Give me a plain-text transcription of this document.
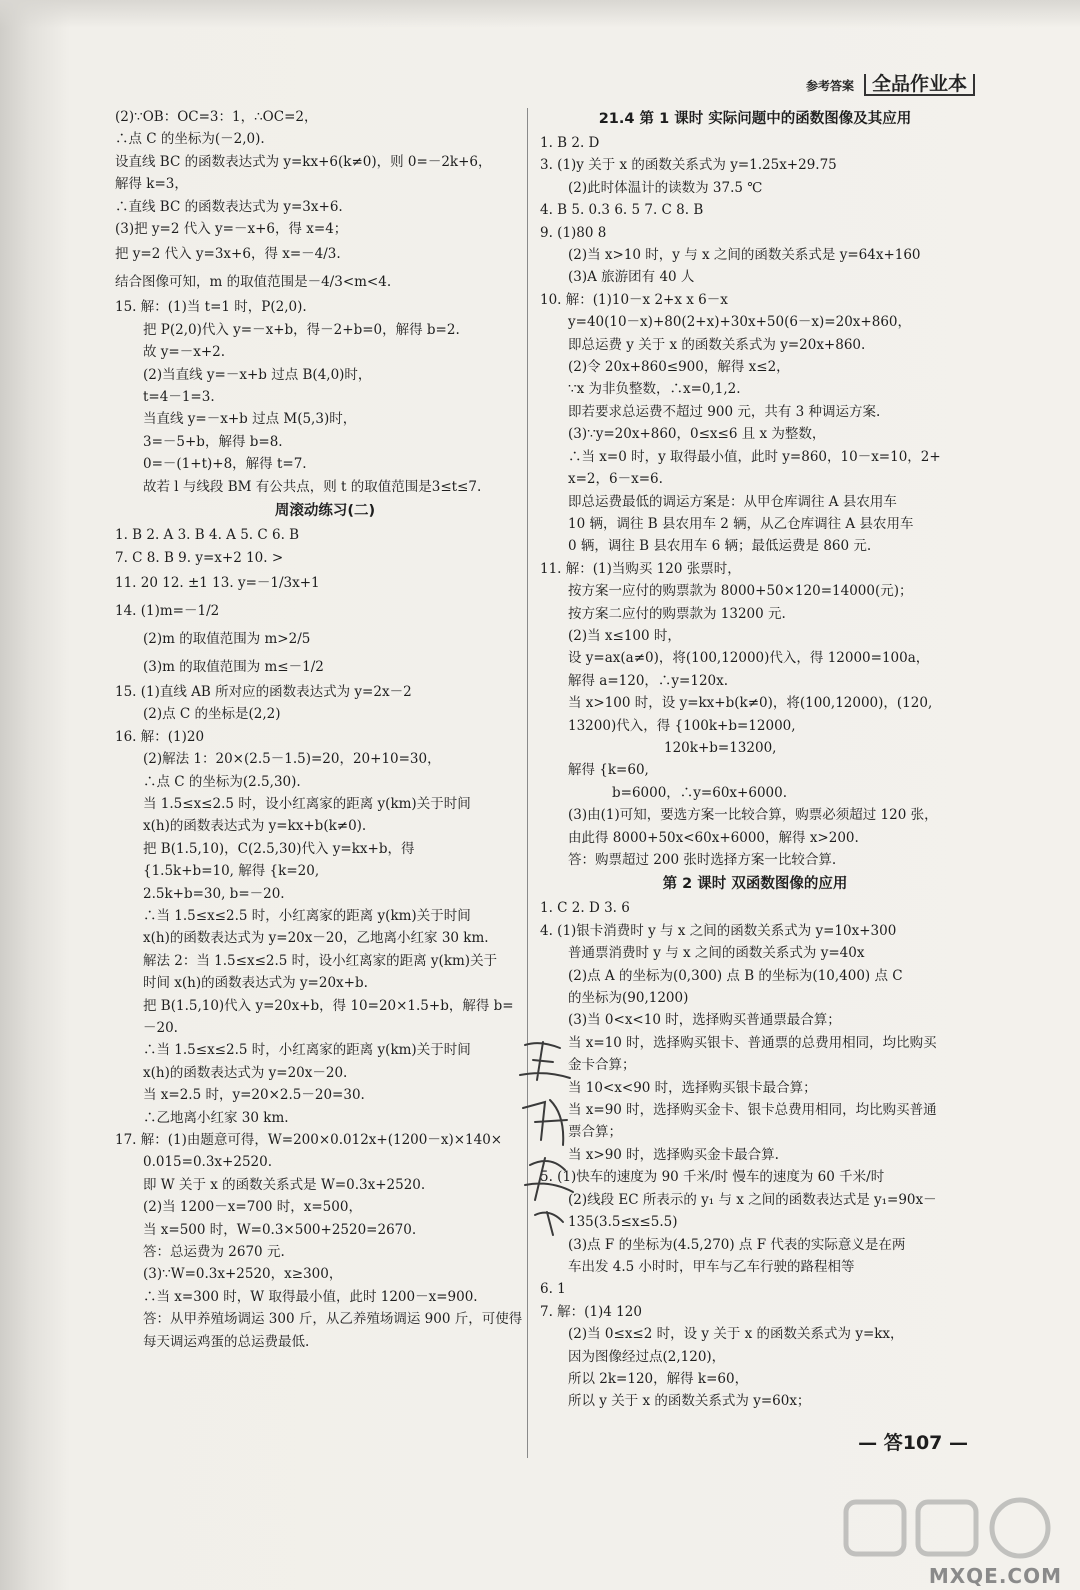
参考答案 全品作业本
(2)∵OB：OC=3：1，∴OC=2，
∴点 C 的坐标为(－2,0).
设直线 BC 的函数表达式为 y=kx+6(k≠0)，则 0=－2k+6，
解得 k=3，
∴直线 BC 的函数表达式为 y=3x+6.
(3)把 y=2 代入 y=－x+6，得 x=4；
把 y=2 代入 y=3x+6，得 x=－4/3.
结合图像可知，m 的取值范围是－4/3<m<4.
15. 解：(1)当 t=1 时，P(2,0).
把 P(2,0)代入 y=－x+b，得－2+b=0，解得 b=2.
故 y=－x+2.
(2)当直线 y=－x+b 过点 B(4,0)时，
t=4－1=3.
当直线 y=－x+b 过点 M(5,3)时，
3=－5+b，解得 b=8.
0=－(1+t)+8，解得 t=7.
故若 l 与线段 BM 有公共点，则 t 的取值范围是3≤t≤7.
周滚动练习(二)
1. B 2. A 3. B 4. A 5. C 6. B
7. C 8. B 9. y=x+2 10. >
11. 20 12. ±1 13. y=－1/3x+1
14. (1)m=－1/2
(2)m 的取值范围为 m>2/5
(3)m 的取值范围为 m≤－1/2
15. (1)直线 AB 所对应的函数表达式为 y=2x－2
(2)点 C 的坐标是(2,2)
16. 解：(1)20
(2)解法 1：20×(2.5－1.5)=20，20+10=30，
∴点 C 的坐标为(2.5,30).
当 1.5≤x≤2.5 时，设小红离家的距离 y(km)关于时间
x(h)的函数表达式为 y=kx+b(k≠0).
把 B(1.5,10)，C(2.5,30)代入 y=kx+b，得
{1.5k+b=10, 解得 {k=20,
2.5k+b=30, b=－20.
∴当 1.5≤x≤2.5 时，小红离家的距离 y(km)关于时间
x(h)的函数表达式为 y=20x－20，乙地离小红家 30 km.
解法 2：当 1.5≤x≤2.5 时，设小红离家的距离 y(km)关于
时间 x(h)的函数表达式为 y=20x+b.
把 B(1.5,10)代入 y=20x+b，得 10=20×1.5+b，解得 b=
－20.
∴当 1.5≤x≤2.5 时，小红离家的距离 y(km)关于时间
x(h)的函数表达式为 y=20x－20.
当 x=2.5 时，y=20×2.5－20=30.
∴乙地离小红家 30 km.
17. 解：(1)由题意可得，W=200×0.012x+(1200－x)×140×
0.015=0.3x+2520.
即 W 关于 x 的函数关系式是 W=0.3x+2520.
(2)当 1200－x=700 时，x=500，
当 x=500 时，W=0.3×500+2520=2670.
答：总运费为 2670 元.
(3)∵W=0.3x+2520，x≥300，
∴当 x=300 时，W 取得最小值，此时 1200－x=900.
答：从甲养殖场调运 300 斤，从乙养殖场调运 900 斤，可使得
每天调运鸡蛋的总运费最低.
21.4 第 1 课时 实际问题中的函数图像及其应用
1. B 2. D
3. (1)y 关于 x 的函数关系式为 y=1.25x+29.75
(2)此时体温计的读数为 37.5 ℃
4. B 5. 0.3 6. 5 7. C 8. B
9. (1)80 8
(2)当 x>10 时，y 与 x 之间的函数关系式是 y=64x+160
(3)A 旅游团有 40 人
10. 解：(1)10－x 2+x x 6－x
y=40(10－x)+80(2+x)+30x+50(6－x)=20x+860，
即总运费 y 关于 x 的函数关系式为 y=20x+860.
(2)令 20x+860≤900，解得 x≤2，
∵x 为非负整数，∴x=0,1,2.
即若要求总运费不超过 900 元，共有 3 种调运方案.
(3)∵y=20x+860，0≤x≤6 且 x 为整数，
∴当 x=0 时，y 取得最小值，此时 y=860，10－x=10，2+
x=2，6－x=6.
即总运费最低的调运方案是：从甲仓库调往 A 县农用车
10 辆，调往 B 县农用车 2 辆，从乙仓库调往 A 县农用车
0 辆，调往 B 县农用车 6 辆；最低运费是 860 元.
11. 解：(1)当购买 120 张票时，
按方案一应付的购票款为 8000+50×120=14000(元)；
按方案二应付的购票款为 13200 元.
(2)当 x≤100 时，
设 y=ax(a≠0)，将(100,12000)代入，得 12000=100a，
解得 a=120，∴y=120x.
当 x>100 时，设 y=kx+b(k≠0)，将(100,12000)，(120,
13200)代入，得 {100k+b=12000,
120k+b=13200,
解得 {k=60,
b=6000，∴y=60x+6000.
(3)由(1)可知，要选方案一比较合算，购票必须超过 120 张，
由此得 8000+50x<60x+6000，解得 x>200.
答：购票超过 200 张时选择方案一比较合算.
第 2 课时 双函数图像的应用
1. C 2. D 3. 6
4. (1)银卡消费时 y 与 x 之间的函数关系式为 y=10x+300
普通票消费时 y 与 x 之间的函数关系式为 y=40x
(2)点 A 的坐标为(0,300) 点 B 的坐标为(10,400) 点 C
的坐标为(90,1200)
(3)当 0<x<10 时，选择购买普通票最合算；
当 x=10 时，选择购买银卡、普通票的总费用相同，均比购买
金卡合算；
当 10<x<90 时，选择购买银卡最合算；
当 x=90 时，选择购买金卡、银卡总费用相同，均比购买普通
票合算；
当 x>90 时，选择购买金卡最合算.
5. (1)快车的速度为 90 千米/时 慢车的速度为 60 千米/时
(2)线段 EC 所表示的 y₁ 与 x 之间的函数表达式是 y₁=90x－
135(3.5≤x≤5.5)
(3)点 F 的坐标为(4.5,270) 点 F 代表的实际意义是在两
车出发 4.5 小时时，甲车与乙车行驶的路程相等
6. 1
7. 解：(1)4 120
(2)当 0≤x≤2 时，设 y 关于 x 的函数关系式为 y=kx，
因为图像经过点(2,120)，
所以 2k=120，解得 k=60，
所以 y 关于 x 的函数关系式为 y=60x；
— 答107 —
MXQE.COM
